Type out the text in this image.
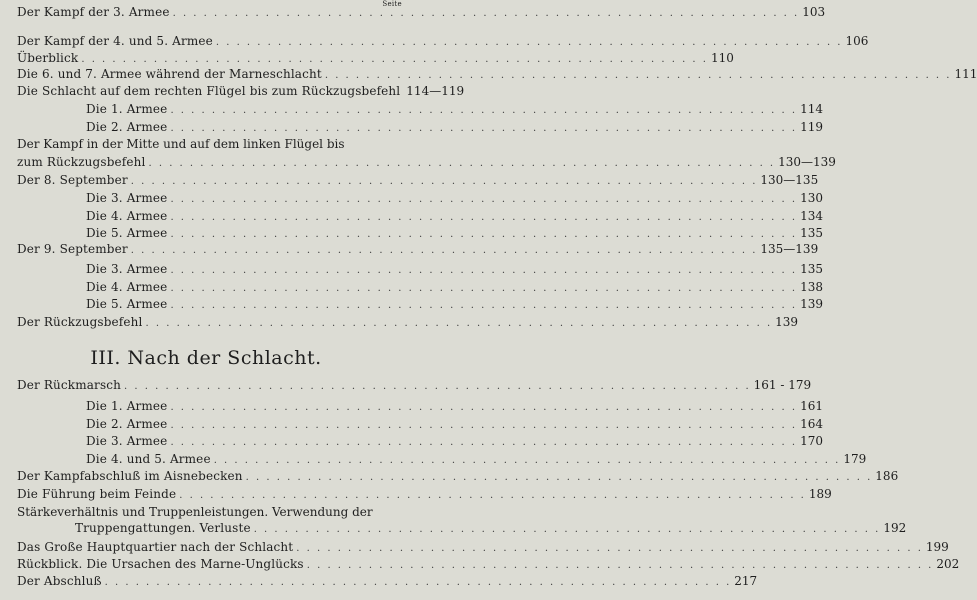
Seite
Der Kampf der 3. Armee . . .	103
Der Kampf der 4. und 5. Armee . . .	106
Überblick . . .	110
Die 6. und 7. Armee während der Marneschlacht . . .	111
Die Schlacht auf dem rechten Flügel bis zum Rückzugsbefehl 114—119
Die 1. Armee . . .	114
Die 2. Armee . . .	119
Der Kampf in der Mitte und auf dem linken Flügel bis
zum Rückzugsbefehl . . .	130—139
Der 8. September . . .	130—135
Die 3. Armee . . .	130
Die 4. Armee . . .	134
Die 5. Armee . . .	135
Der 9. September . . .	135—139
Die 3. Armee . . .	135
Die 4. Armee . . .	138
Die 5. Armee . . .	139
Der Rückzugsbefehl . . .	139
III. Nach der Schlacht.
Der Rückmarsch . . .	161 - 179
Die 1. Armee . . .	161
Die 2. Armee . . .	164
Die 3. Armee . . .	170
Die 4. und 5. Armee . . .	179
Der Kampfabschluß im Aisnebecken . . .	186
Die Führung beim Feinde . . .	189
Stärkeverhältnis und Truppenleistungen. Verwendung der
Truppengattungen. Verluste . . .	192
Das Große Hauptquartier nach der Schlacht . . .	199
Rückblick. Die Ursachen des Marne-Unglücks . . .	202
Der Abschluß . . .	217
